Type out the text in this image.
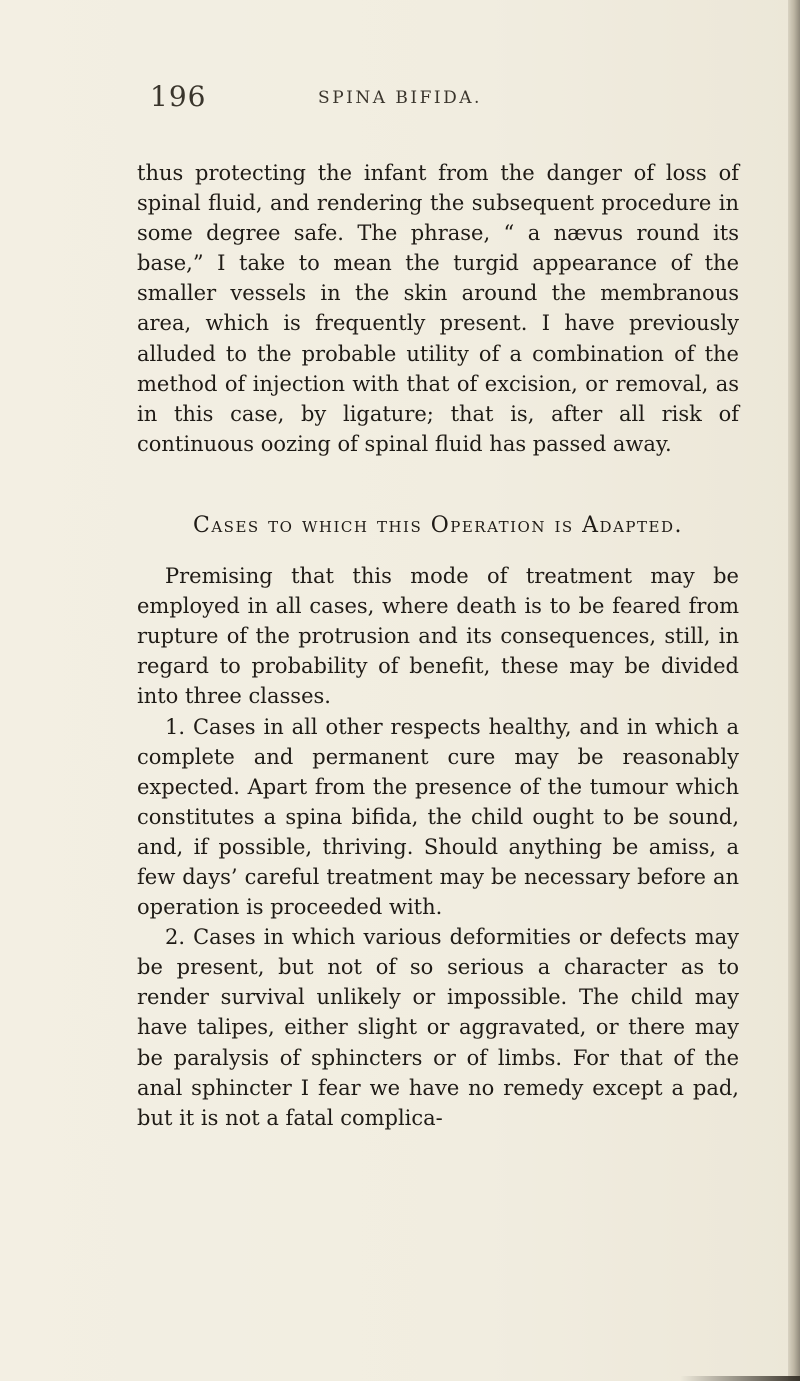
196	SPINA BIFIDA.

thus protecting the infant from the danger of loss of spinal fluid, and rendering the subsequent procedure in some degree safe. The phrase, “ a nævus round its base,” I take to mean the turgid appearance of the smaller vessels in the skin around the membranous area, which is frequently present. I have previously alluded to the probable utility of a combination of the method of injection with that of excision, or removal, as in this case, by ligature; that is, after all risk of continuous oozing of spinal fluid has passed away.

Cases to which this Operation is Adapted.

Premising that this mode of treatment may be employed in all cases, where death is to be feared from rupture of the protrusion and its consequences, still, in regard to probability of benefit, these may be divided into three classes.

1. Cases in all other respects healthy, and in which a complete and permanent cure may be reasonably expected. Apart from the presence of the tumour which constitutes a spina bifida, the child ought to be sound, and, if possible, thriving. Should anything be amiss, a few days’ careful treatment may be necessary before an operation is proceeded with.

2. Cases in which various deformities or defects may be present, but not of so serious a character as to render survival unlikely or impossible. The child may have talipes, either slight or aggravated, or there may be paralysis of sphincters or of limbs. For that of the anal sphincter I fear we have no remedy except a pad, but it is not a fatal complica-
